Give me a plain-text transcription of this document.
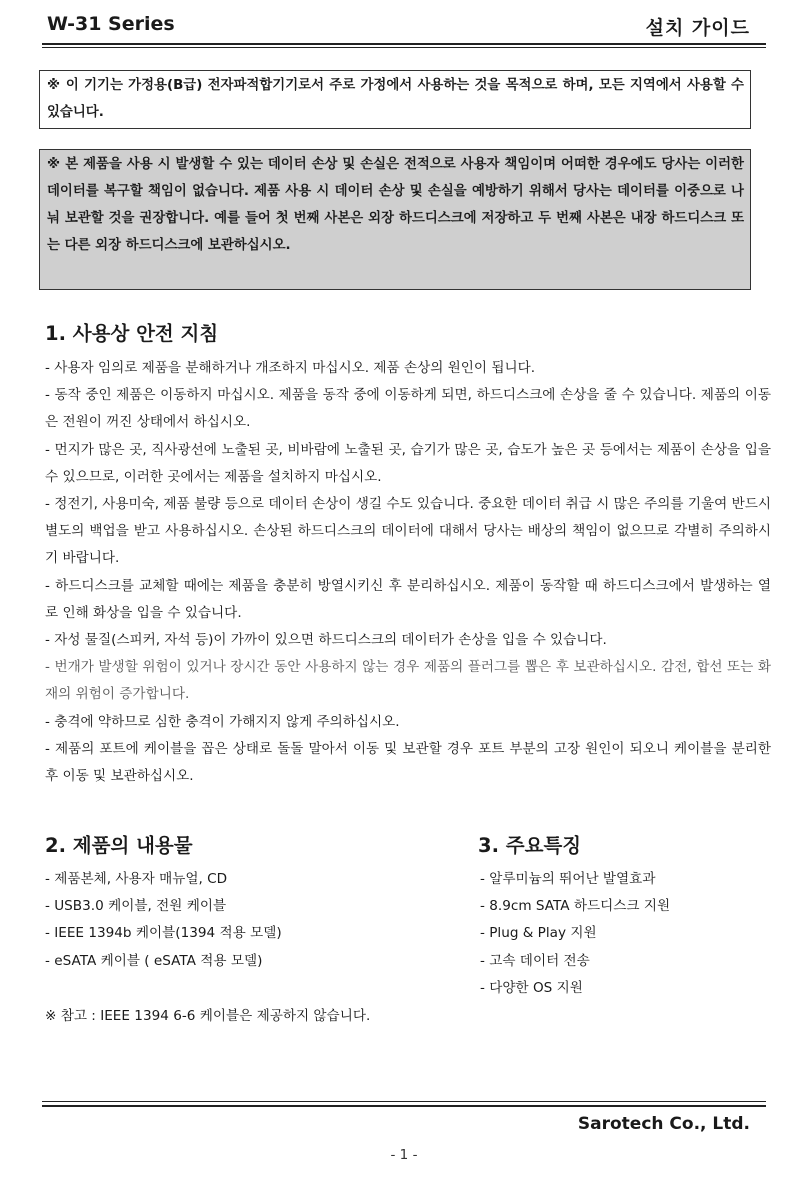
W-31 Series	설치 가이드

※ 이 기기는 가정용(B급) 전자파적합기기로서 주로 가정에서 사용하는 것을 목적으로 하며, 모든 지역에서 사용할 수 있습니다.

※ 본 제품을 사용 시 발생할 수 있는 데이터 손상 및 손실은 전적으로 사용자 책임이며 어떠한 경우에도 당사는 이러한 데이터를 복구할 책임이 없습니다. 제품 사용 시 데이터 손상 및 손실을 예방하기 위해서 당사는 데이터를 이중으로 나눠 보관할 것을 권장합니다. 예를 들어 첫 번째 사본은 외장 하드디스크에 저장하고 두 번째 사본은 내장 하드디스크 또는 다른 외장 하드디스크에 보관하십시오.

1. 사용상 안전 지침
- 사용자 임의로 제품을 분해하거나 개조하지 마십시오. 제품 손상의 원인이 됩니다.
- 동작 중인 제품은 이동하지 마십시오. 제품을 동작 중에 이동하게 되면, 하드디스크에 손상을 줄 수 있습니다. 제품의 이동은 전원이 꺼진 상태에서 하십시오.
- 먼지가 많은 곳, 직사광선에 노출된 곳, 비바람에 노출된 곳, 습기가 많은 곳, 습도가 높은 곳 등에서는 제품이 손상을 입을 수 있으므로, 이러한 곳에서는 제품을 설치하지 마십시오.
- 정전기, 사용미숙, 제품 불량 등으로 데이터 손상이 생길 수도 있습니다. 중요한 데이터 취급 시 많은 주의를 기울여 반드시 별도의 백업을 받고 사용하십시오. 손상된 하드디스크의 데이터에 대해서 당사는 배상의 책임이 없으므로 각별히 주의하시기 바랍니다.
- 하드디스크를 교체할 때에는 제품을 충분히 방열시키신 후 분리하십시오. 제품이 동작할 때 하드디스크에서 발생하는 열로 인해 화상을 입을 수 있습니다.
- 자성 물질(스피커, 자석 등)이 가까이 있으면 하드디스크의 데이터가 손상을 입을 수 있습니다.
- 번개가 발생할 위험이 있거나 장시간 동안 사용하지 않는 경우 제품의 플러그를 뽑은 후 보관하십시오. 감전, 합선 또는 화재의 위험이 증가합니다.
- 충격에 약하므로 심한 충격이 가해지지 않게 주의하십시오.
- 제품의 포트에 케이블을 꼽은 상태로 돌돌 말아서 이동 및 보관할 경우 포트 부분의 고장 원인이 되오니 케이블을 분리한 후 이동 및 보관하십시오.
2. 제품의 내용물
- 제품본체, 사용자 매뉴얼, CD
- USB3.0 케이블, 전원 케이블
- IEEE 1394b 케이블(1394 적용 모델)
- eSATA 케이블 ( eSATA 적용 모델)
※ 참고 : IEEE 1394 6-6 케이블은 제공하지 않습니다.
3. 주요특징
- 알루미늄의 뛰어난 발열효과
- 8.9cm SATA 하드디스크 지원
- Plug & Play 지원
- 고속 데이터 전송
- 다양한 OS 지원
Sarotech Co., Ltd.
- 1 -
